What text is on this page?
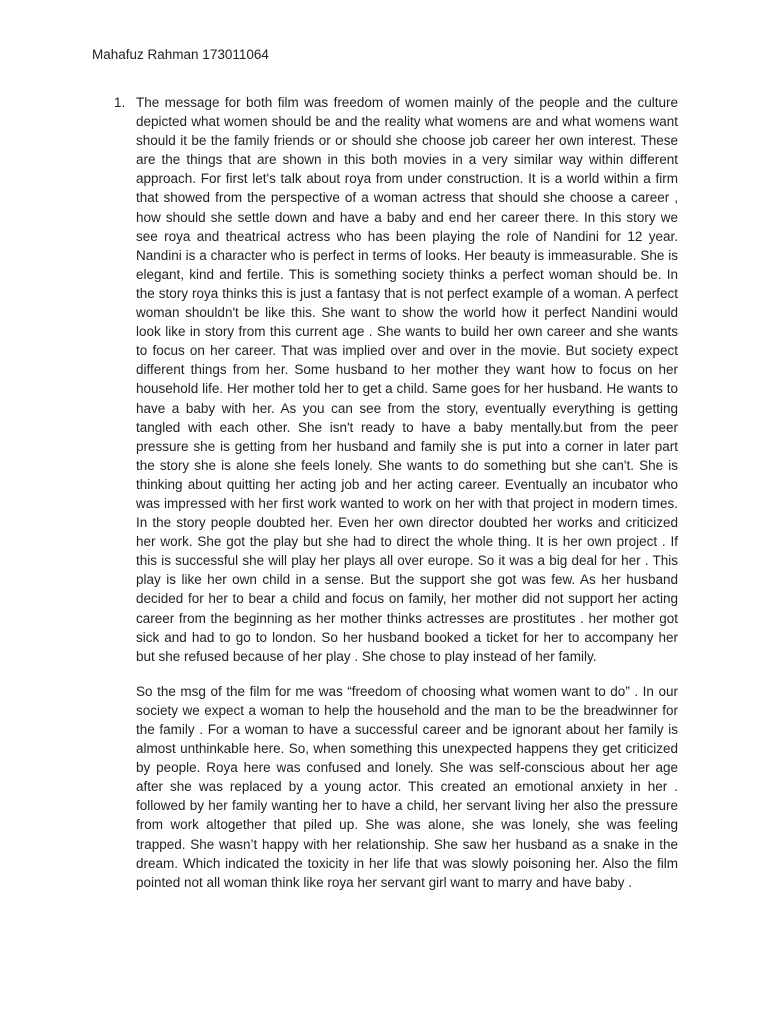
Mahafuz Rahman 173011064
1. The message for both film was freedom of women mainly of the people and the culture depicted what women should be and the reality what womens are and what womens want should it be the family friends or or should she choose job career her own interest. These are the things that are shown in this both movies in a very similar way within different approach. For first let's talk about roya from under construction. It is a world within a firm that showed from the perspective of a woman actress that should she choose a career , how should she settle down and have a baby and end her career there. In this story we see roya and theatrical actress who has been playing the role of Nandini for 12 year. Nandini is a character who is perfect in terms of looks. Her beauty is immeasurable. She is elegant, kind and fertile. This is something society thinks a perfect woman should be. In the story roya thinks this is just a fantasy that is not perfect example of a woman. A perfect woman shouldn't be like this. She want to show the world how it perfect Nandini would look like in story from this current age . She wants to build her own career and she wants to focus on her career. That was implied over and over in the movie. But society expect different things from her. Some husband to her mother they want how to focus on her household life. Her mother told her to get a child. Same goes for her husband. He wants to have a baby with her. As you can see from the story, eventually everything is getting tangled with each other. She isn't ready to have a baby mentally.but from the peer pressure she is getting from her husband and family she is put into a corner in later part the story she is alone she feels lonely. She wants to do something but she can't. She is thinking about quitting her acting job and her acting career. Eventually an incubator who was impressed with her first work wanted to work on her with that project in modern times. In the story people doubted her. Even her own director doubted her works and criticized her work. She got the play but she had to direct the whole thing. It is her own project . If this is successful she will play her plays all over europe. So it was a big deal for her . This play is like her own child in a sense. But the support she got was few. As her husband decided for her to bear a child and focus on family, her mother did not support her acting career from the beginning as her mother thinks actresses are prostitutes . her mother got sick and had to go to london. So her husband booked a ticket for her to accompany her but she refused because of her play . She chose to play instead of her family.

So the msg of the film for me was “freedom of choosing what women want to do” . In our society we expect a woman to help the household and the man to be the breadwinner for the family . For a woman to have a successful career and be ignorant about her family is almost unthinkable here. So, when something this unexpected happens they get criticized by people. Roya here was confused and lonely. She was self-conscious about her age after she was replaced by a young actor. This created an emotional anxiety in her . followed by her family wanting her to have a child, her servant living her also the pressure from work altogether that piled up. She was alone, she was lonely, she was feeling trapped. She wasn’t happy with her relationship. She saw her husband as a snake in the dream. Which indicated the toxicity in her life that was slowly poisoning her. Also the film pointed not all woman think like roya her servant girl want to marry and have baby .
